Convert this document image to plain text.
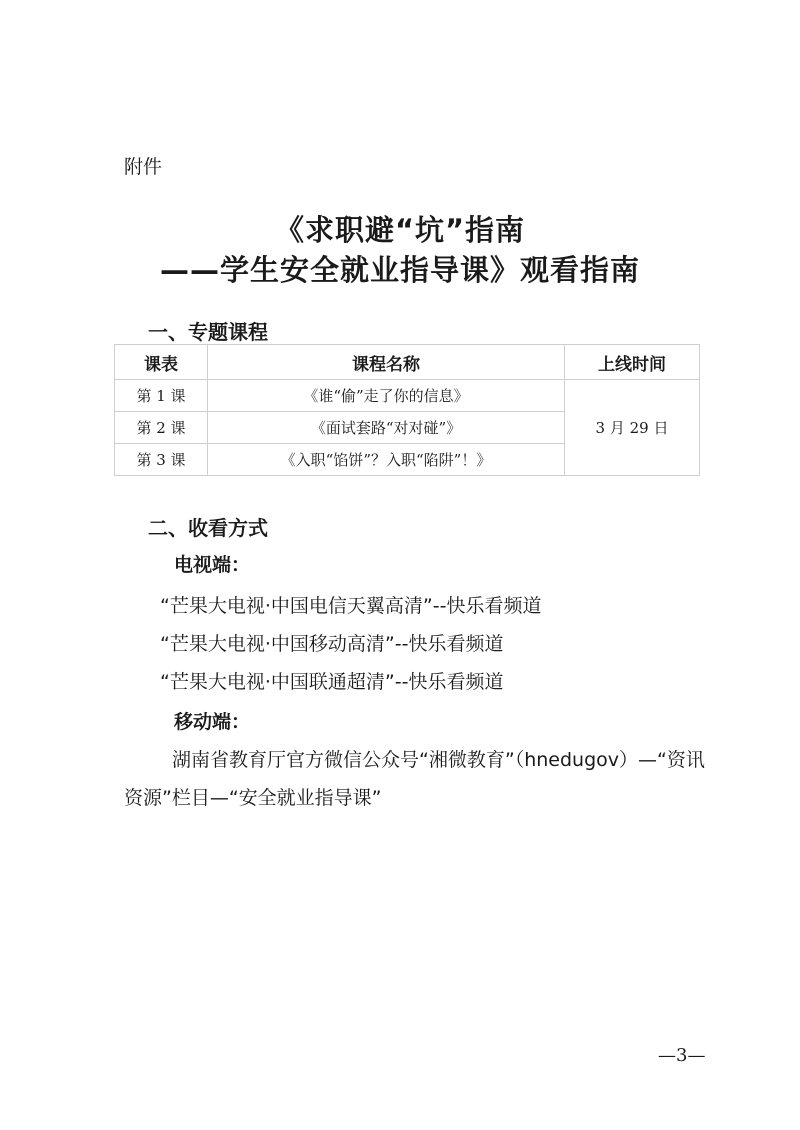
附件
《求职避“坑”指南
——学生安全就业指导课》观看指南
一、专题课程
课表	课程名称	上线时间
第 1 课	《谁“偷”走了你的信息》	3 月 29 日
第 2 课	《面试套路“对对碰”》	
第 3 课	《入职“馅饼”？入职“陷阱”！》	
二、收看方式
电视端：
“芒果大电视·中国电信天翼高清”--快乐看频道
“芒果大电视·中国移动高清”--快乐看频道
“芒果大电视·中国联通超清”--快乐看频道
移动端：
湖南省教育厅官方微信公众号“湘微教育”（hnedugov）—“资讯资源”栏目—“安全就业指导课”
—3—
